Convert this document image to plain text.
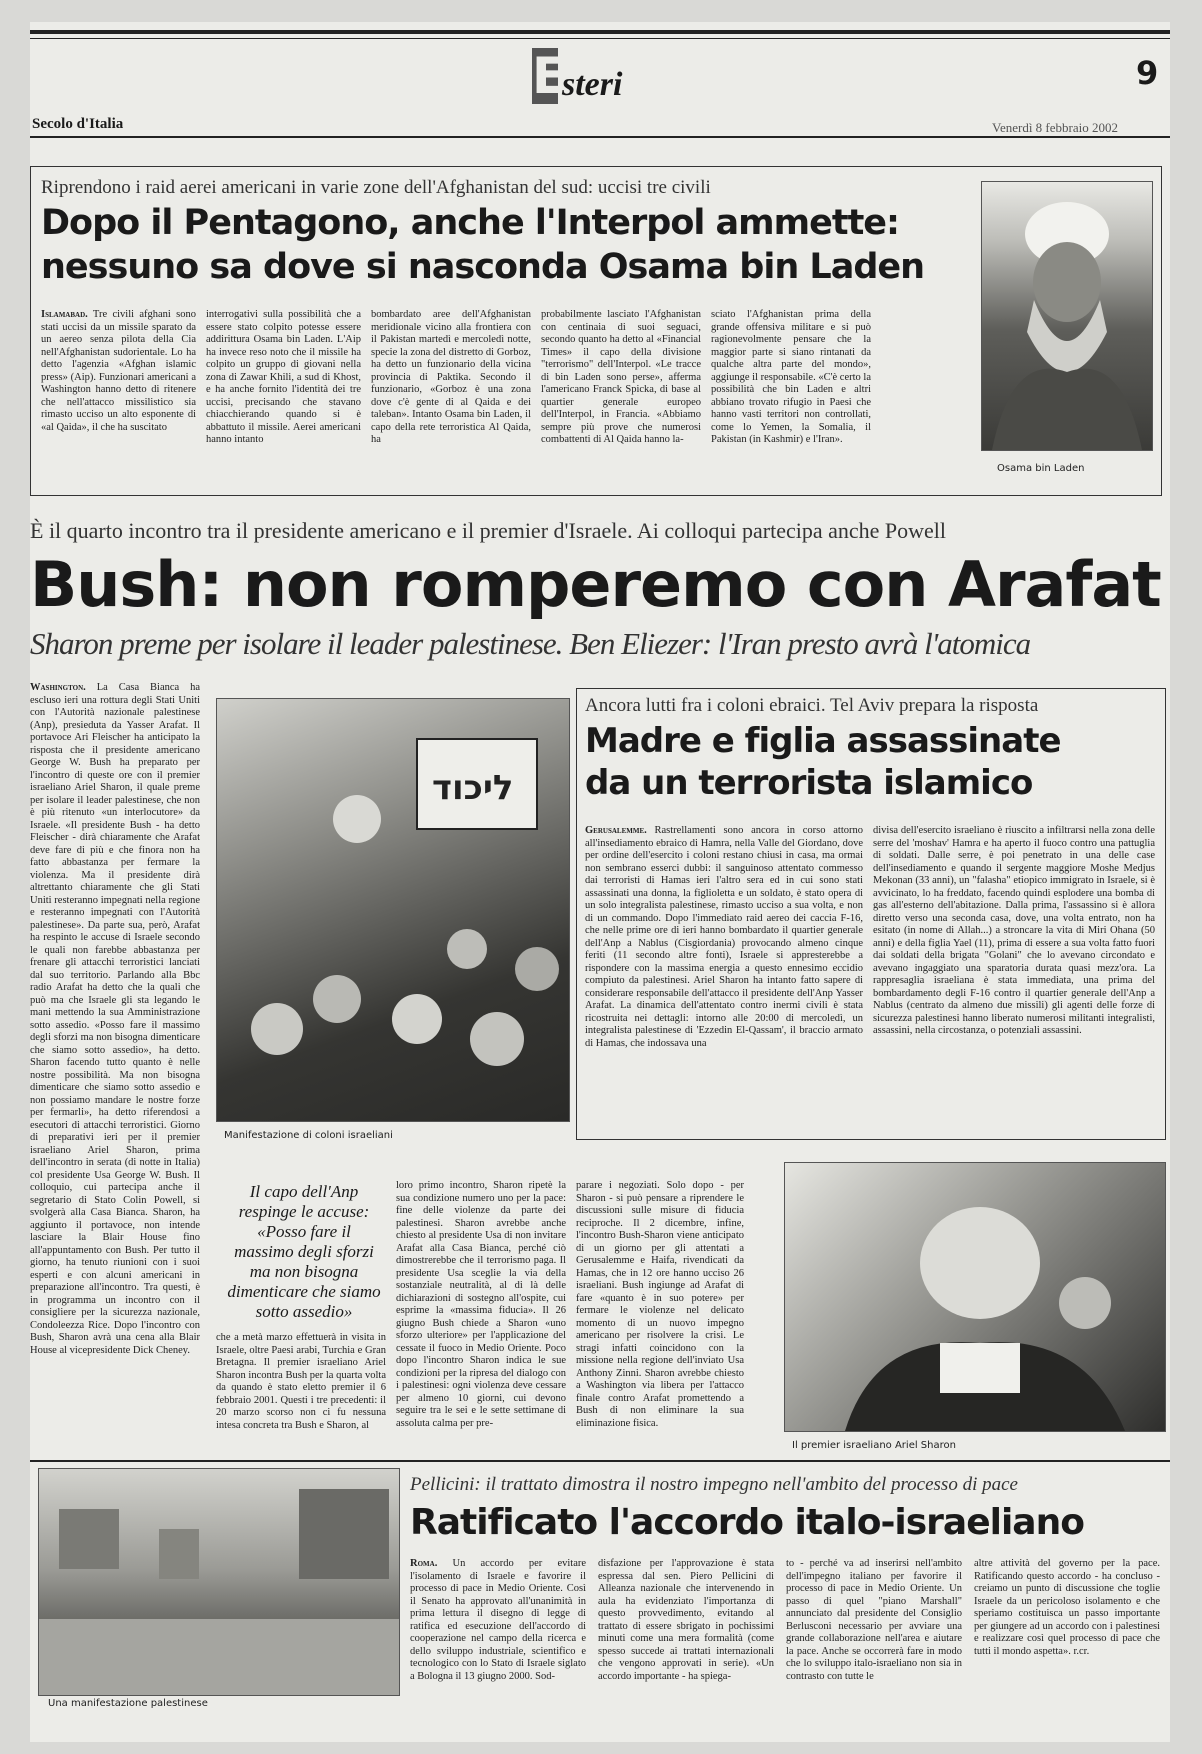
E
steri	9
Secolo d'Italia	Venerdì 8 febbraio 2002
Riprendono i raid aerei americani in varie zone dell'Afghanistan del sud: uccisi tre civili
Dopo il Pentagono, anche l'Interpol ammette:
nessuno sa dove si nasconda Osama bin Laden
Islamabad. Tre civili afghani sono stati uccisi da un missile sparato da un aereo senza pilota della Cia nell'Afghanistan sudorientale. Lo ha detto l'agenzia «Afghan islamic press» (Aip). Funzionari americani a Washington hanno detto di ritenere che nell'attacco missilistico sia rimasto ucciso un alto esponente di «al Qaida», il che ha suscitato
interrogativi sulla possibilità che a essere stato colpito potesse essere addirittura Osama bin Laden. L'Aip ha invece reso noto che il missile ha colpito un gruppo di giovani nella zona di Zawar Khili, a sud di Khost, e ha anche fornito l'identità dei tre uccisi, precisando che stavano chiacchierando quando si è abbattuto il missile. Aerei americani hanno intanto
bombardato aree dell'Afghanistan meridionale vicino alla frontiera con il Pakistan martedì e mercoledì notte, specie la zona del distretto di Gorboz, ha detto un funzionario della vicina provincia di Paktika. Secondo il funzionario, «Gorboz è una zona dove c'è gente di al Qaida e dei taleban». Intanto Osama bin Laden, il capo della rete terroristica Al Qaida, ha
probabilmente lasciato l'Afghanistan con centinaia di suoi seguaci, secondo quanto ha detto al «Financial Times» il capo della divisione "terrorismo" dell'Interpol. «Le tracce di bin Laden sono perse», afferma l'americano Franck Spicka, di base al quartier generale europeo dell'Interpol, in Francia. «Abbiamo sempre più prove che numerosi combattenti di Al Qaida hanno la-
sciato l'Afghanistan prima della grande offensiva militare e si può ragionevolmente pensare che la maggior parte si siano rintanati da qualche altra parte del mondo», aggiunge il responsabile. «C'è certo la possibilità che bin Laden e altri abbiano trovato rifugio in Paesi che hanno vasti territori non controllati, come lo Yemen, la Somalia, il Pakistan (in Kashmir) e l'Iran».
Osama bin Laden
È il quarto incontro tra il presidente americano e il premier d'Israele. Ai colloqui partecipa anche Powell
Bush: non romperemo con Arafat
Sharon preme per isolare il leader palestinese. Ben Eliezer: l'Iran presto avrà l'atomica
Washington. La Casa Bianca ha escluso ieri una rottura degli Stati Uniti con l'Autorità nazionale palestinese (Anp), presieduta da Yasser Arafat. Il portavoce Ari Fleischer ha anticipato la risposta che il presidente americano George W. Bush ha preparato per l'incontro di queste ore con il premier israeliano Ariel Sharon, il quale preme per isolare il leader palestinese, che non è più ritenuto «un interlocutore» da Israele. «Il presidente Bush - ha detto Fleischer - dirà chiaramente che Arafat deve fare di più e che finora non ha fatto abbastanza per fermare la violenza. Ma il presidente dirà altrettanto chiaramente che gli Stati Uniti resteranno impegnati nella regione e resteranno impegnati con l'Autorità palestinese». Da parte sua, però, Arafat ha respinto le accuse di Israele secondo le quali non farebbe abbastanza per frenare gli attacchi terroristici lanciati dal suo territorio. Parlando alla Bbc radio Arafat ha detto che la quali che può ma che Israele gli sta legando le mani mettendo la sua Amministrazione sotto assedio. «Posso fare il massimo degli sforzi ma non bisogna dimenticare che siamo sotto assedio», ha detto. Sharon facendo tutto quanto è nelle nostre possibilità. Ma non bisogna dimenticare che siamo sotto assedio e non possiamo mandare le nostre forze per fermarli», ha detto riferendosi a esecutori di attacchi terroristici. Giorno di preparativi ieri per il premier israeliano Ariel Sharon, prima dell'incontro in serata (di notte in Italia) col presidente Usa George W. Bush. Il colloquio, cui partecipa anche il segretario di Stato Colin Powell, si svolgerà alla Casa Bianca. Sharon, ha aggiunto il portavoce, non intende lasciare la Blair House fino all'appuntamento con Bush. Per tutto il giorno, ha tenuto riunioni con i suoi esperti e con alcuni americani in preparazione all'incontro. Tra questi, è in programma un incontro con il consigliere per la sicurezza nazionale, Condoleezza Rice. Dopo l'incontro con Bush, Sharon avrà una cena alla Blair House al vicepresidente Dick Cheney.
ליכוד
Manifestazione di coloni israeliani
Ancora lutti fra i coloni ebraici. Tel Aviv prepara la risposta
Madre e figlia assassinate
da un terrorista islamico
Gerusalemme. Rastrellamenti sono ancora in corso attorno all'insediamento ebraico di Hamra, nella Valle del Giordano, dove per ordine dell'esercito i coloni restano chiusi in casa, ma ormai non sembrano esserci dubbi: il sanguinoso attentato commesso dai terroristi di Hamas ieri l'altro sera ed in cui sono stati assassinati una donna, la figlioletta e un soldato, è stato opera di un solo integralista palestinese, rimasto ucciso a sua volta, e non di un commando. Dopo l'immediato raid aereo dei caccia F-16, che nelle prime ore di ieri hanno bombardato il quartier generale dell'Anp a Nablus (Cisgiordania) provocando almeno cinque feriti (11 secondo altre fonti), Israele si appresterebbe a rispondere con la massima energia a questo ennesimo eccidio compiuto da palestinesi. Ariel Sharon ha intanto fatto sapere di considerare responsabile dell'attacco il presidente dell'Anp Yasser Arafat. La dinamica dell'attentato contro inermi civili è stata ricostruita nei dettagli: intorno alle 20:00 di mercoledì, un integralista palestinese di 'Ezzedin El-Qassam', il braccio armato di Hamas, che indossava una
divisa dell'esercito israeliano è riuscito a infiltrarsi nella zona delle serre del 'moshav' Hamra e ha aperto il fuoco contro una pattuglia di soldati. Dalle serre, è poi penetrato in una delle case dell'insediamento e quando il sergente maggiore Moshe Medjus Mekonan (33 anni), un "falasha" etiopico immigrato in Israele, si è avvicinato, lo ha freddato, facendo quindi esplodere una bomba di gas all'esterno dell'abitazione. Dalla prima, l'assassino si è allora diretto verso una seconda casa, dove, una volta entrato, non ha esitato (in nome di Allah...) a stroncare la vita di Miri Ohana (50 anni) e della figlia Yael (11), prima di essere a sua volta fatto fuori dai soldati della brigata "Golani" che lo avevano circondato e avevano ingaggiato una sparatoria durata quasi mezz'ora. La rappresaglia israeliana è stata immediata, una prima del bombardamento degli F-16 contro il quartier generale dell'Anp a Nablus (centrato da almeno due missili) gli agenti delle forze di sicurezza palestinesi hanno liberato numerosi militanti integralisti, assassini, nella circostanza, o potenziali assassini.
Il capo dell'Anp respinge le accuse: «Posso fare il massimo degli sforzi ma non bisogna dimenticare che siamo sotto assedio»
che a metà marzo effettuerà in visita in Israele, oltre Paesi arabi, Turchia e Gran Bretagna. Il premier israeliano Ariel Sharon incontra Bush per la quarta volta da quando è stato eletto premier il 6 febbraio 2001. Questi i tre precedenti: il 20 marzo scorso non ci fu nessuna intesa concreta tra Bush e Sharon, al
loro primo incontro, Sharon ripetè la sua condizione numero uno per la pace: fine delle violenze da parte dei palestinesi. Sharon avrebbe anche chiesto al presidente Usa di non invitare Arafat alla Casa Bianca, perché ciò dimostrerebbe che il terrorismo paga. Il presidente Usa sceglie la via della sostanziale neutralità, al di là delle dichiarazioni di sostegno all'ospite, cui esprime la «massima fiducia». Il 26 giugno Bush chiede a Sharon «uno sforzo ulteriore» per l'applicazione del cessate il fuoco in Medio Oriente. Poco dopo l'incontro Sharon indica le sue condizioni per la ripresa del dialogo con i palestinesi: ogni violenza deve cessare per almeno 10 giorni, cui devono seguire tra le sei e le sette settimane di assoluta calma per pre-
parare i negoziati. Solo dopo - per Sharon - si può pensare a riprendere le discussioni sulle misure di fiducia reciproche. Il 2 dicembre, infine, l'incontro Bush-Sharon viene anticipato di un giorno per gli attentati a Gerusalemme e Haifa, rivendicati da Hamas, che in 12 ore hanno ucciso 26 israeliani. Bush ingiunge ad Arafat di fare «quanto è in suo potere» per fermare le violenze nel delicato momento di un nuovo impegno americano per risolvere la crisi. Le stragi infatti coincidono con la missione nella regione dell'inviato Usa Anthony Zinni. Sharon avrebbe chiesto a Washington via libera per l'attacco finale contro Arafat promettendo a Bush di non eliminare la sua eliminazione fisica.
Il premier israeliano Ariel Sharon
Una manifestazione palestinese
Pellicini: il trattato dimostra il nostro impegno nell'ambito del processo di pace
Ratificato l'accordo italo-israeliano
Roma. Un accordo per evitare l'isolamento di Israele e favorire il processo di pace in Medio Oriente. Così il Senato ha approvato all'unanimità in prima lettura il disegno di legge di ratifica ed esecuzione dell'accordo di cooperazione nel campo della ricerca e dello sviluppo industriale, scientifico e tecnologico con lo Stato di Israele siglato a Bologna il 13 giugno 2000. Sod-
disfazione per l'approvazione è stata espressa dal sen. Piero Pellicini di Alleanza nazionale che intervenendo in aula ha evidenziato l'importanza di questo provvedimento, evitando al trattato di essere sbrigato in pochissimi minuti come una mera formalità (come spesso succede ai trattati internazionali che vengono approvati in serie). «Un accordo importante - ha spiega-
to - perché va ad inserirsi nell'ambito dell'impegno italiano per favorire il processo di pace in Medio Oriente. Un passo di quel "piano Marshall" annunciato dal presidente del Consiglio Berlusconi necessario per avviare una grande collaborazione nell'area e aiutare la pace. Anche se occorrerà fare in modo che lo sviluppo italo-israeliano non sia in contrasto con tutte le
altre attività del governo per la pace. Ratificando questo accordo - ha concluso - creiamo un punto di discussione che toglie Israele da un pericoloso isolamento e che speriamo costituisca un passo importante per giungere ad un accordo con i palestinesi e realizzare così quel processo di pace che tutti il mondo aspetta». r.cr.
